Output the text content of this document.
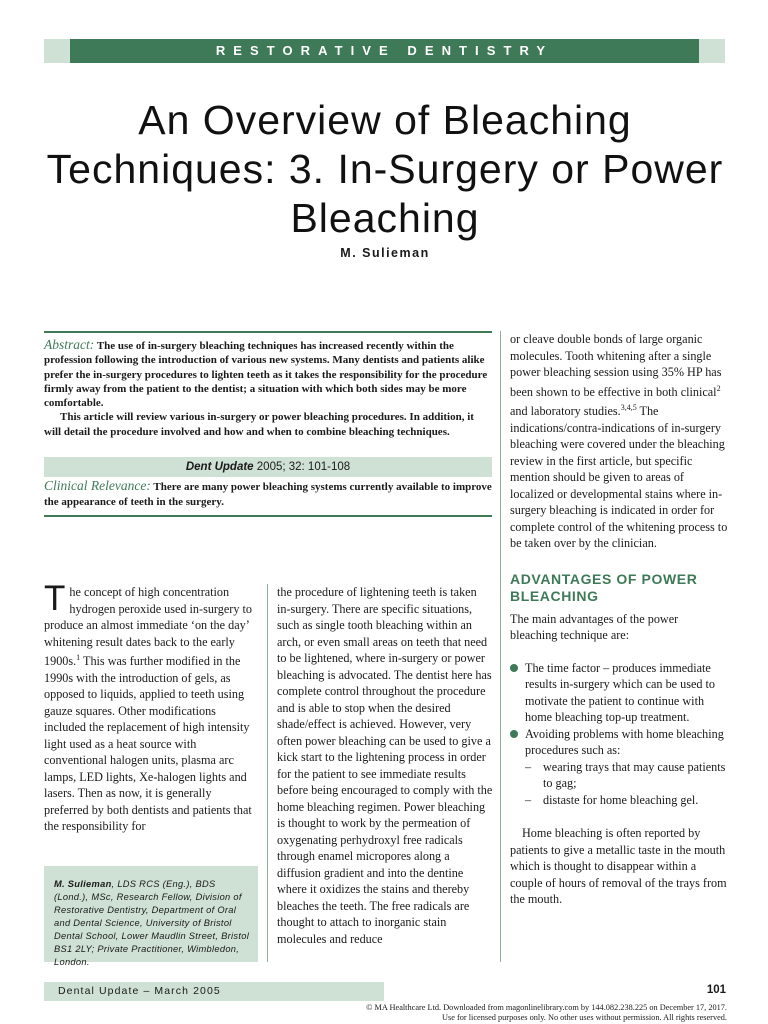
RESTORATIVE DENTISTRY
An Overview of Bleaching Techniques: 3. In-Surgery or Power Bleaching
M. Sulieman

Abstract: The use of in-surgery bleaching techniques has increased recently within the profession following the introduction of various new systems. Many dentists and patients alike prefer the in-surgery procedures to lighten teeth as it takes the responsibility for the procedure firmly away from the patient to the dentist; a situation with which both sides may be more comfortable.

This article will review various in-surgery or power bleaching procedures. In addition, it will detail the procedure involved and how and when to combine bleaching techniques.

Dent Update 2005; 32: 101-108
Clinical Relevance: There are many power bleaching systems currently available to improve the appearance of teeth in the surgery.

The concept of high concentration hydrogen peroxide used in-surgery to produce an almost immediate ‘on the day’ whitening result dates back to the early 1900s.$^1$ This was further modified in the 1990s with the introduction of gels, as opposed to liquids, applied to teeth using gauze squares. Other modifications included the replacement of high intensity light used as a heat source with conventional halogen units, plasma arc lamps, LED lights, Xe-halogen lights and lasers. Then as now, it is generally preferred by both dentists and patients that the responsibility for

M. Sulieman, LDS RCS (Eng.), BDS (Lond.), MSc, Research Fellow, Division of Restorative Dentistry, Department of Oral and Dental Science, University of Bristol Dental School, Lower Maudlin Street, Bristol BS1 2LY; Private Practitioner, Wimbledon, London.

the procedure of lightening teeth is taken in-surgery. There are specific situations, such as single tooth bleaching within an arch, or even small areas on teeth that need to be lightened, where in-surgery or power bleaching is advocated. The dentist here has complete control throughout the procedure and is able to stop when the desired shade/effect is achieved. However, very often power bleaching can be used to give a kick start to the lightening process in order for the patient to see immediate results before being encouraged to comply with the home bleaching regimen. Power bleaching is thought to work by the permeation of oxygenating perhydroxyl free radicals through enamel micropores along a diffusion gradient and into the dentine where it oxidizes the stains and thereby bleaches the teeth. The free radicals are thought to attach to inorganic stain molecules and reduce

or cleave double bonds of large organic molecules. Tooth whitening after a single power bleaching session using 35% HP has been shown to be effective in both clinical$^2$ and laboratory studies.$^{3,4,5}$ The indications/contra-indications of in-surgery bleaching were covered under the bleaching review in the first article, but specific mention should be given to areas of localized or developmental stains where in-surgery bleaching is indicated in order for complete control of the whitening process to be taken over by the clinician.

ADVANTAGES OF POWER BLEACHING

The main advantages of the power bleaching technique are:

The time factor – produces immediate results in-surgery which can be used to motivate the patient to continue with home bleaching top-up treatment.
Avoiding problems with home bleaching procedures such as:
– wearing trays that may cause patients to gag;
– distaste for home bleaching gel.

Home bleaching is often reported by patients to give a metallic taste in the mouth which is thought to disappear within a couple of hours of removal of the trays from the mouth.

Dental Update – March 2005	101
© MA Healthcare Ltd. Downloaded from magonlinelibrary.com by 144.082.238.225 on December 17, 2017.
Use for licensed purposes only. No other uses without permission. All rights reserved.
